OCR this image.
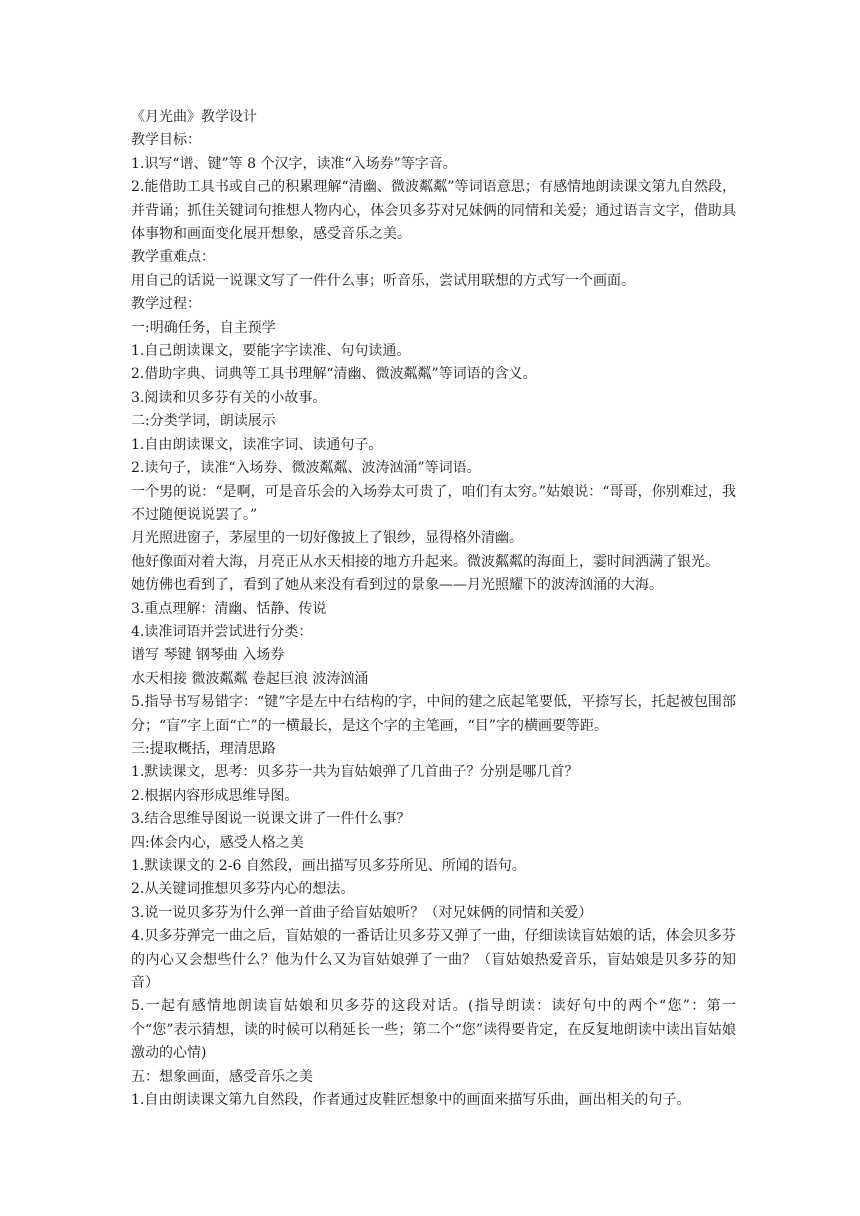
《月光曲》教学设计

教学目标：

1.识写“谱、键”等 8 个汉字，读准“入场券”等字音。

2.能借助工具书或自己的积累理解“清幽、微波粼粼”等词语意思；有感情地朗读课文第九自然段，并背诵；抓住关键词句推想人物内心，体会贝多芬对兄妹俩的同情和关爱；通过语言文字，借助具体事物和画面变化展开想象，感受音乐之美。

教学重难点：

用自己的话说一说课文写了一件什么事；听音乐，尝试用联想的方式写一个画面。

教学过程：

一:明确任务，自主预学

1.自己朗读课文，要能字字读准、句句读通。

2.借助字典、词典等工具书理解“清幽、微波粼粼”等词语的含义。

3.阅读和贝多芬有关的小故事。

二:分类学词，朗读展示

1.自由朗读课文，读准字词、读通句子。

2.读句子，读准“入场券、微波粼粼、波涛汹涌”等词语。

一个男的说：“是啊，可是音乐会的入场券太可贵了，咱们有太穷。”姑娘说：“哥哥，你别难过，我不过随便说说罢了。”

月光照进窗子，茅屋里的一切好像披上了银纱，显得格外清幽。

他好像面对着大海，月亮正从水天相接的地方升起来。微波粼粼的海面上，霎时间洒满了银光。

她仿佛也看到了，看到了她从来没有看到过的景象——月光照耀下的波涛汹涌的大海。

3.重点理解：清幽、恬静、传说

4.读准词语并尝试进行分类：

谱写 琴键 钢琴曲 入场券

水天相接 微波粼粼 卷起巨浪 波涛汹涌

5.指导书写易错字：“键”字是左中右结构的字，中间的建之底起笔要低，平捺写长，托起被包围部分；“盲”字上面“亡”的一横最长，是这个字的主笔画，“目”字的横画要等距。

三:提取概括，理清思路

1.默读课文，思考：贝多芬一共为盲姑娘弹了几首曲子？分别是哪几首？

2.根据内容形成思维导图。

3.结合思维导图说一说课文讲了一件什么事？

四:体会内心，感受人格之美

1.默读课文的 2-6 自然段，画出描写贝多芬所见、所闻的语句。

2.从关键词推想贝多芬内心的想法。

3.说一说贝多芬为什么弹一首曲子给盲姑娘听？（对兄妹俩的同情和关爱）

4.贝多芬弹完一曲之后，盲姑娘的一番话让贝多芬又弹了一曲，仔细读读盲姑娘的话，体会贝多芬的内心又会想些什么？他为什么又为盲姑娘弹了一曲？（盲姑娘热爱音乐，盲姑娘是贝多芬的知音）

5.一起有感情地朗读盲姑娘和贝多芬的这段对话。(指导朗读：读好句中的两个“您”：第一个“您”表示猜想，读的时候可以稍延长一些；第二个“您”读得要肯定，在反复地朗读中读出盲姑娘激动的心情)

五：想象画面，感受音乐之美

1.自由朗读课文第九自然段，作者通过皮鞋匠想象中的画面来描写乐曲，画出相关的句子。
